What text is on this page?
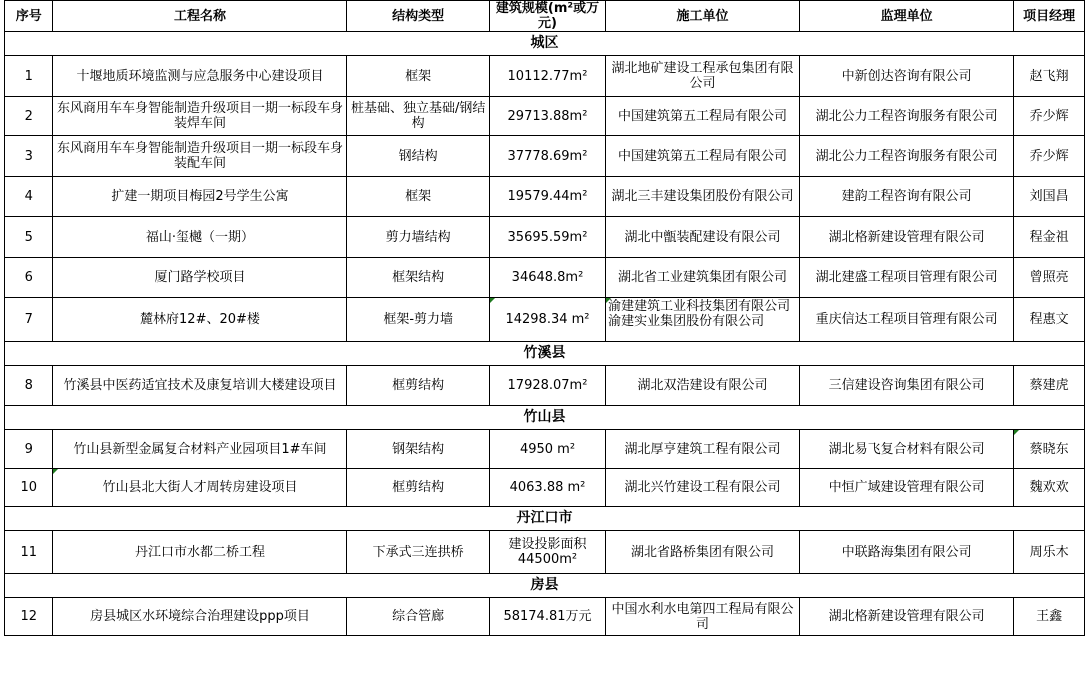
序号	工程名称	结构类型	建筑规模(m²或万元)	施工单位	监理单位	项目经理
城区						
1	十堰地质环境监测与应急服务中心建设项目	框架	10112.77m²	湖北地矿建设工程承包集团有限公司	中新创达咨询有限公司	赵飞翔
2	东风商用车车身智能制造升级项目一期一标段车身装焊车间	桩基础、独立基础/钢结构	29713.88m²	中国建筑第五工程局有限公司	湖北公力工程咨询服务有限公司	乔少辉

3	东风商用车车身智能制造升级项目一期一标段车身装配车间	钢结构	37778.69m²	中国建筑第五工程局有限公司	湖北公力工程咨询服务有限公司	乔少辉
4	扩建一期项目梅园2号学生公寓	框架	19579.44m²	湖北三丰建设集团股份有限公司	建韵工程咨询有限公司	刘国昌
5	福山·玺樾（一期）	剪力墙结构	35695.59m²	湖北中甑装配建设有限公司	湖北格新建设管理有限公司	程金祖
6	厦门路学校项目	框架结构	34648.8m²	湖北省工业建筑集团有限公司	湖北建盛工程项目管理有限公司	曾照亮
7	麓林府12#、20#楼	框架-剪力墙	14298.34 m²	渝建建筑工业科技集团有限公司 渝建实业集团股份有限公司	重庆信达工程项目管理有限公司	程惠文
竹溪县						
8	竹溪县中医药适宜技术及康复培训大楼建设项目	框剪结构	17928.07m²	湖北双浩建设有限公司	三信建设咨询集团有限公司	蔡建虎
竹山县						
9	竹山县新型金属复合材料产业园项目1#车间	钢架结构	4950 m²	湖北厚亨建筑工程有限公司	湖北易飞复合材料有限公司	蔡晓东
10	竹山县北大街人才周转房建设项目	框剪结构	4063.88 m²	湖北兴竹建设工程有限公司	中恒广域建设管理有限公司	魏欢欢
丹江口市						
11	丹江口市水都二桥工程	下承式三连拱桥	建设投影面积44500m²	湖北省路桥集团有限公司	中联路海集团有限公司	周乐木
房县						
12	房县城区水环境综合治理建设ppp项目	综合管廊	58174.81万元	中国水利水电第四工程局有限公司	湖北格新建设管理有限公司	王鑫
